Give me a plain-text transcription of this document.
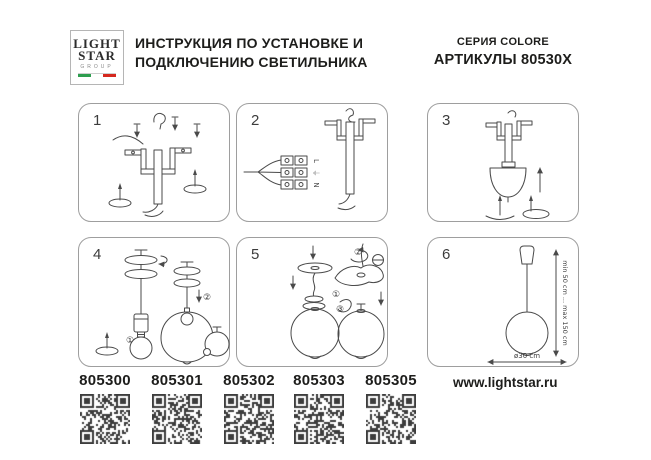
LIGHT
STAR
GROUP
ИНСТРУКЦИЯ ПО УСТАНОВКЕ И
ПОДКЛЮЧЕНИЮ СВЕТИЛЬНИКА
СЕРИЯ COLORE
АРТИКУЛЫ 80530X
1	2
L
⏚
N
3
4
①
②
5
①
②
③
6
min 50 cm ... max 150 cm
ø30 cm
805300	805301	805302	805303	805305	www.lightstar.ru
